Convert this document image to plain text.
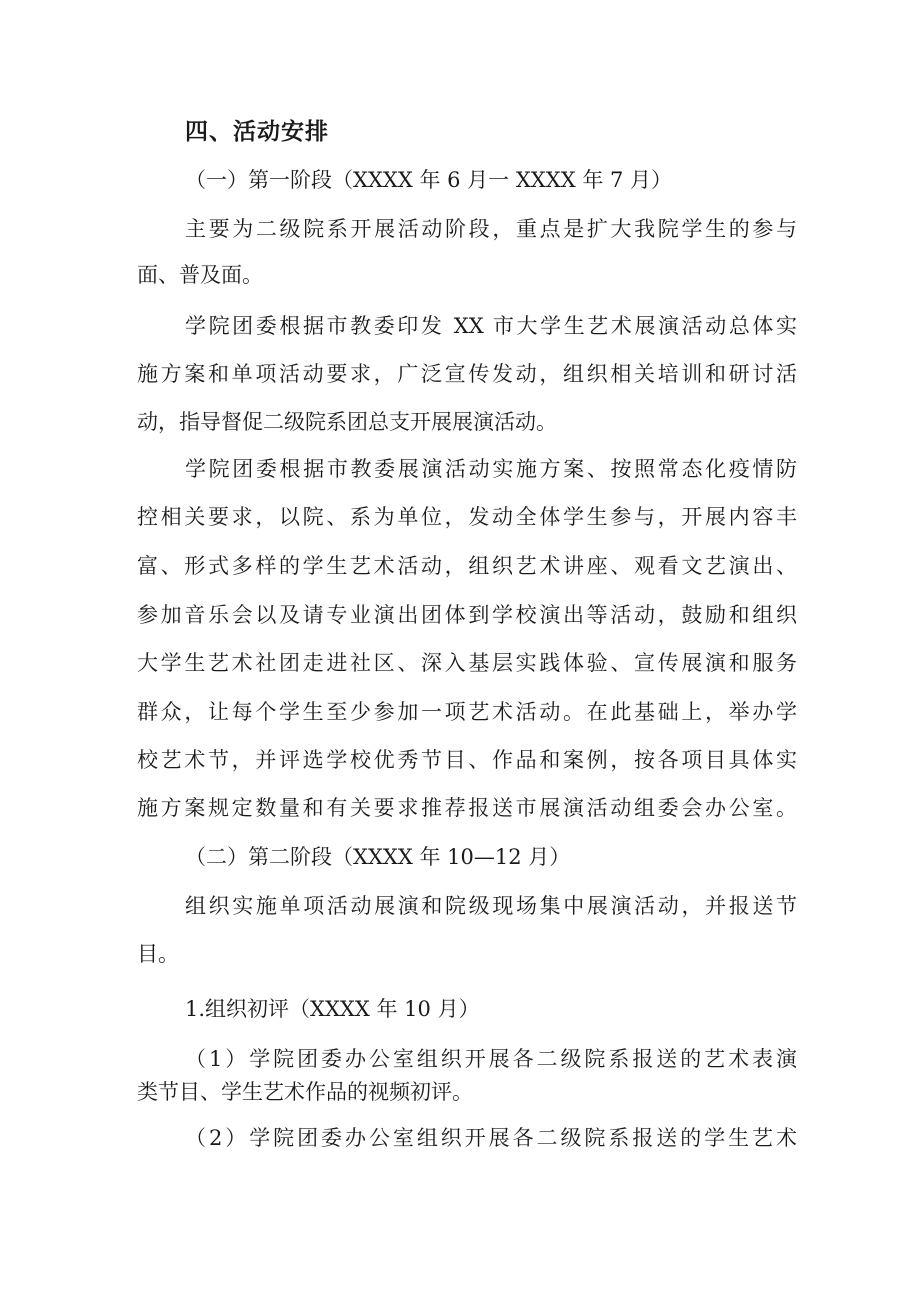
四、活动安排
（一）第一阶段（XXXX 年 6 月一 XXXX 年 7 月）
主要为二级院系开展活动阶段，重点是扩大我院学生的参与
面、普及面。
学院团委根据市教委印发 XX 市大学生艺术展演活动总体实
施方案和单项活动要求，广泛宣传发动，组织相关培训和研讨活
动，指导督促二级院系团总支开展展演活动。
学院团委根据市教委展演活动实施方案、按照常态化疫情防
控相关要求，以院、系为单位，发动全体学生参与，开展内容丰
富、形式多样的学生艺术活动，组织艺术讲座、观看文艺演出、
参加音乐会以及请专业演出团体到学校演出等活动，鼓励和组织
大学生艺术社团走进社区、深入基层实践体验、宣传展演和服务
群众，让每个学生至少参加一项艺术活动。在此基础上，举办学
校艺术节，并评选学校优秀节目、作品和案例，按各项目具体实
施方案规定数量和有关要求推荐报送市展演活动组委会办公室。
（二）第二阶段（XXXX 年 10—12 月）
组织实施单项活动展演和院级现场集中展演活动，并报送节
目。
1.组织初评（XXXX 年 10 月）
（1）学院团委办公室组织开展各二级院系报送的艺术表演
类节目、学生艺术作品的视频初评。
（2）学院团委办公室组织开展各二级院系报送的学生艺术
